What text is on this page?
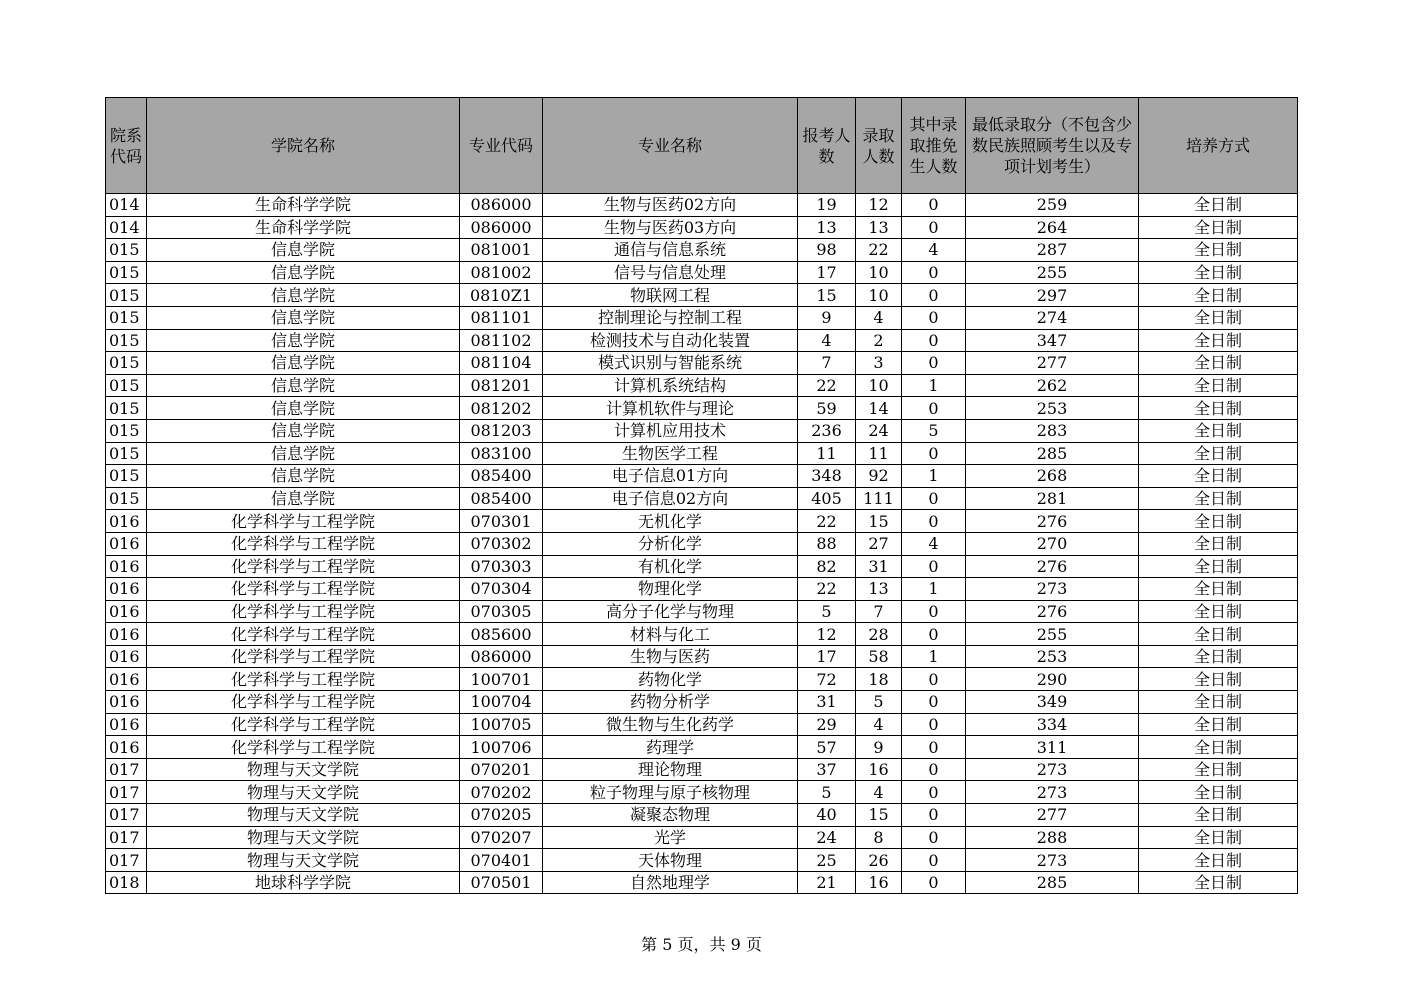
院系代码	学院名称	专业代码	专业名称	报考人数	录取人数	其中录取推免生人数	最低录取分（不包含少数民族照顾考生以及专项计划考生）	培养方式
014	生命科学学院	086000	生物与医药02方向	19	12	0	259	全日制
014	生命科学学院	086000	生物与医药03方向	13	13	0	264	全日制
015	信息学院	081001	通信与信息系统	98	22	4	287	全日制
015	信息学院	081002	信号与信息处理	17	10	0	255	全日制
015	信息学院	0810Z1	物联网工程	15	10	0	297	全日制
015	信息学院	081101	控制理论与控制工程	9	4	0	274	全日制
015	信息学院	081102	检测技术与自动化装置	4	2	0	347	全日制
015	信息学院	081104	模式识别与智能系统	7	3	0	277	全日制
015	信息学院	081201	计算机系统结构	22	10	1	262	全日制
015	信息学院	081202	计算机软件与理论	59	14	0	253	全日制
015	信息学院	081203	计算机应用技术	236	24	5	283	全日制
015	信息学院	083100	生物医学工程	11	11	0	285	全日制
015	信息学院	085400	电子信息01方向	348	92	1	268	全日制
015	信息学院	085400	电子信息02方向	405	111	0	281	全日制
016	化学科学与工程学院	070301	无机化学	22	15	0	276	全日制
016	化学科学与工程学院	070302	分析化学	88	27	4	270	全日制
016	化学科学与工程学院	070303	有机化学	82	31	0	276	全日制
016	化学科学与工程学院	070304	物理化学	22	13	1	273	全日制
016	化学科学与工程学院	070305	高分子化学与物理	5	7	0	276	全日制
016	化学科学与工程学院	085600	材料与化工	12	28	0	255	全日制
016	化学科学与工程学院	086000	生物与医药	17	58	1	253	全日制
016	化学科学与工程学院	100701	药物化学	72	18	0	290	全日制
016	化学科学与工程学院	100704	药物分析学	31	5	0	349	全日制
016	化学科学与工程学院	100705	微生物与生化药学	29	4	0	334	全日制
016	化学科学与工程学院	100706	药理学	57	9	0	311	全日制
017	物理与天文学院	070201	理论物理	37	16	0	273	全日制
017	物理与天文学院	070202	粒子物理与原子核物理	5	4	0	273	全日制
017	物理与天文学院	070205	凝聚态物理	40	15	0	277	全日制
017	物理与天文学院	070207	光学	24	8	0	288	全日制
017	物理与天文学院	070401	天体物理	25	26	0	273	全日制
018	地球科学学院	070501	自然地理学	21	16	0	285	全日制
第 5 页，共 9 页
